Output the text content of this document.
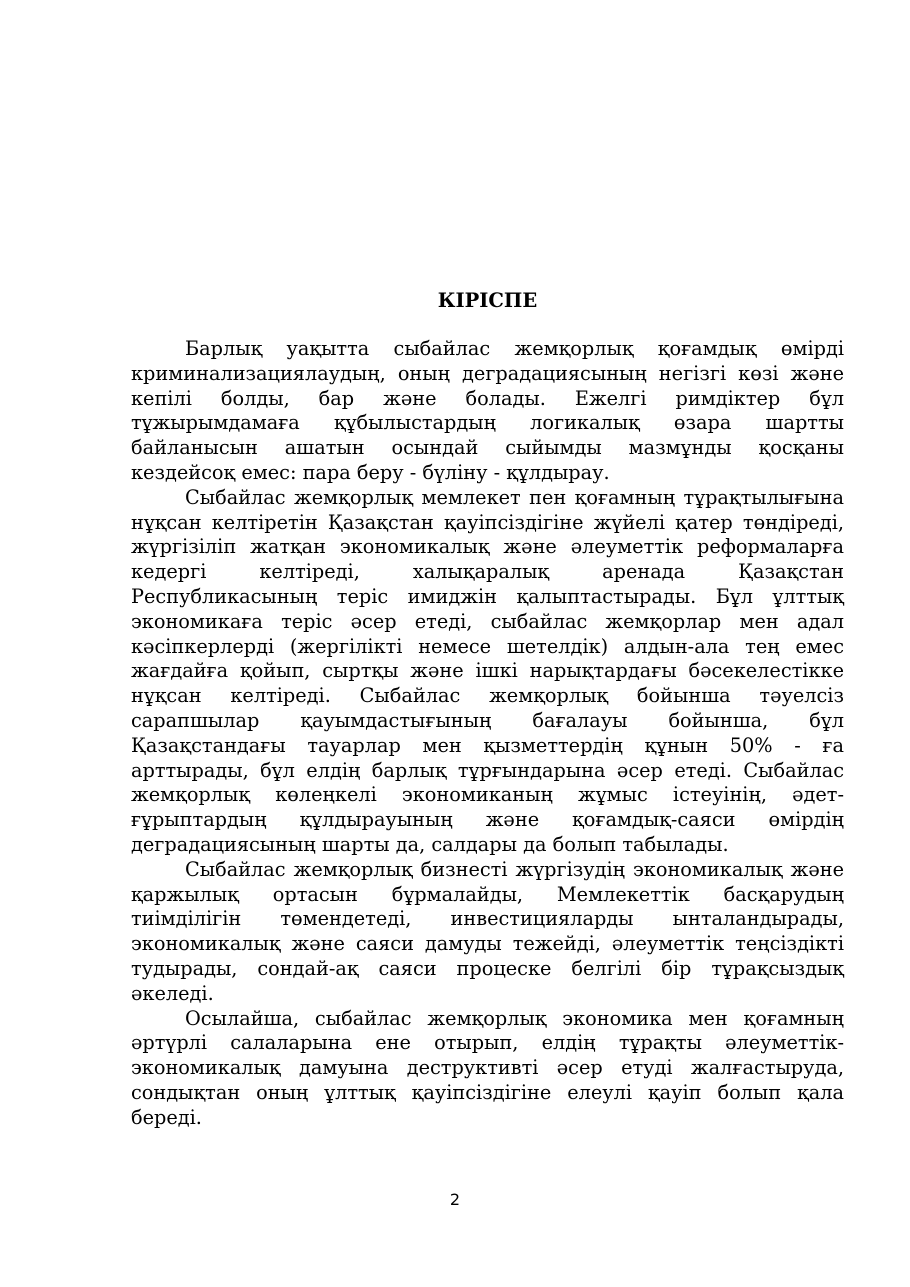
КІРІСПЕ

Барлық уақытта сыбайлас жемқорлық қоғамдық өмірді криминализациялаудың, оның деградациясының негізгі көзі және кепілі болды, бар және болады. Ежелгі римдіктер бұл тұжырымдамаға құбылыстардың логикалық өзара шартты байланысын ашатын осындай сыйымды мазмұнды қосқаны кездейсоқ емес: пара беру - бүліну - құлдырау.

Сыбайлас жемқорлық мемлекет пен қоғамның тұрақтылығына нұқсан келтіретін Қазақстан қауіпсіздігіне жүйелі қатер төндіреді, жүргізіліп жатқан экономикалық және әлеуметтік реформаларға кедергі келтіреді, халықаралық аренада Қазақстан Республикасының теріс имиджін қалыптастырады. Бұл ұлттық экономикаға теріс әсер етеді, сыбайлас жемқорлар мен адал кәсіпкерлерді (жергілікті немесе шетелдік) алдын-ала тең емес жағдайға қойып, сыртқы және ішкі нарықтардағы бәсекелестікке нұқсан келтіреді. Сыбайлас жемқорлық бойынша тәуелсіз сарапшылар қауымдастығының бағалауы бойынша, бұл Қазақстандағы тауарлар мен қызметтердің құнын 50% - ға арттырады, бұл елдің барлық тұрғындарына әсер етеді. Сыбайлас жемқорлық көлеңкелі экономиканың жұмыс істеуінің, әдет-ғұрыптардың құлдырауының және қоғамдық-саяси өмірдің деградациясының шарты да, салдары да болып табылады.

Сыбайлас жемқорлық бизнесті жүргізудің экономикалық және қаржылық ортасын бұрмалайды, Мемлекеттік басқарудың тиімділігін төмендетеді, инвестицияларды ынталандырады, экономикалық және саяси дамуды тежейді, әлеуметтік теңсіздікті тудырады, сондай-ақ саяси процеске белгілі бір тұрақсыздық әкеледі.

Осылайша, сыбайлас жемқорлық экономика мен қоғамның әртүрлі салаларына ене отырып, елдің тұрақты әлеуметтік-экономикалық дамуына деструктивті әсер етуді жалғастыруда, сондықтан оның ұлттық қауіпсіздігіне елеулі қауіп болып қала береді.

2
